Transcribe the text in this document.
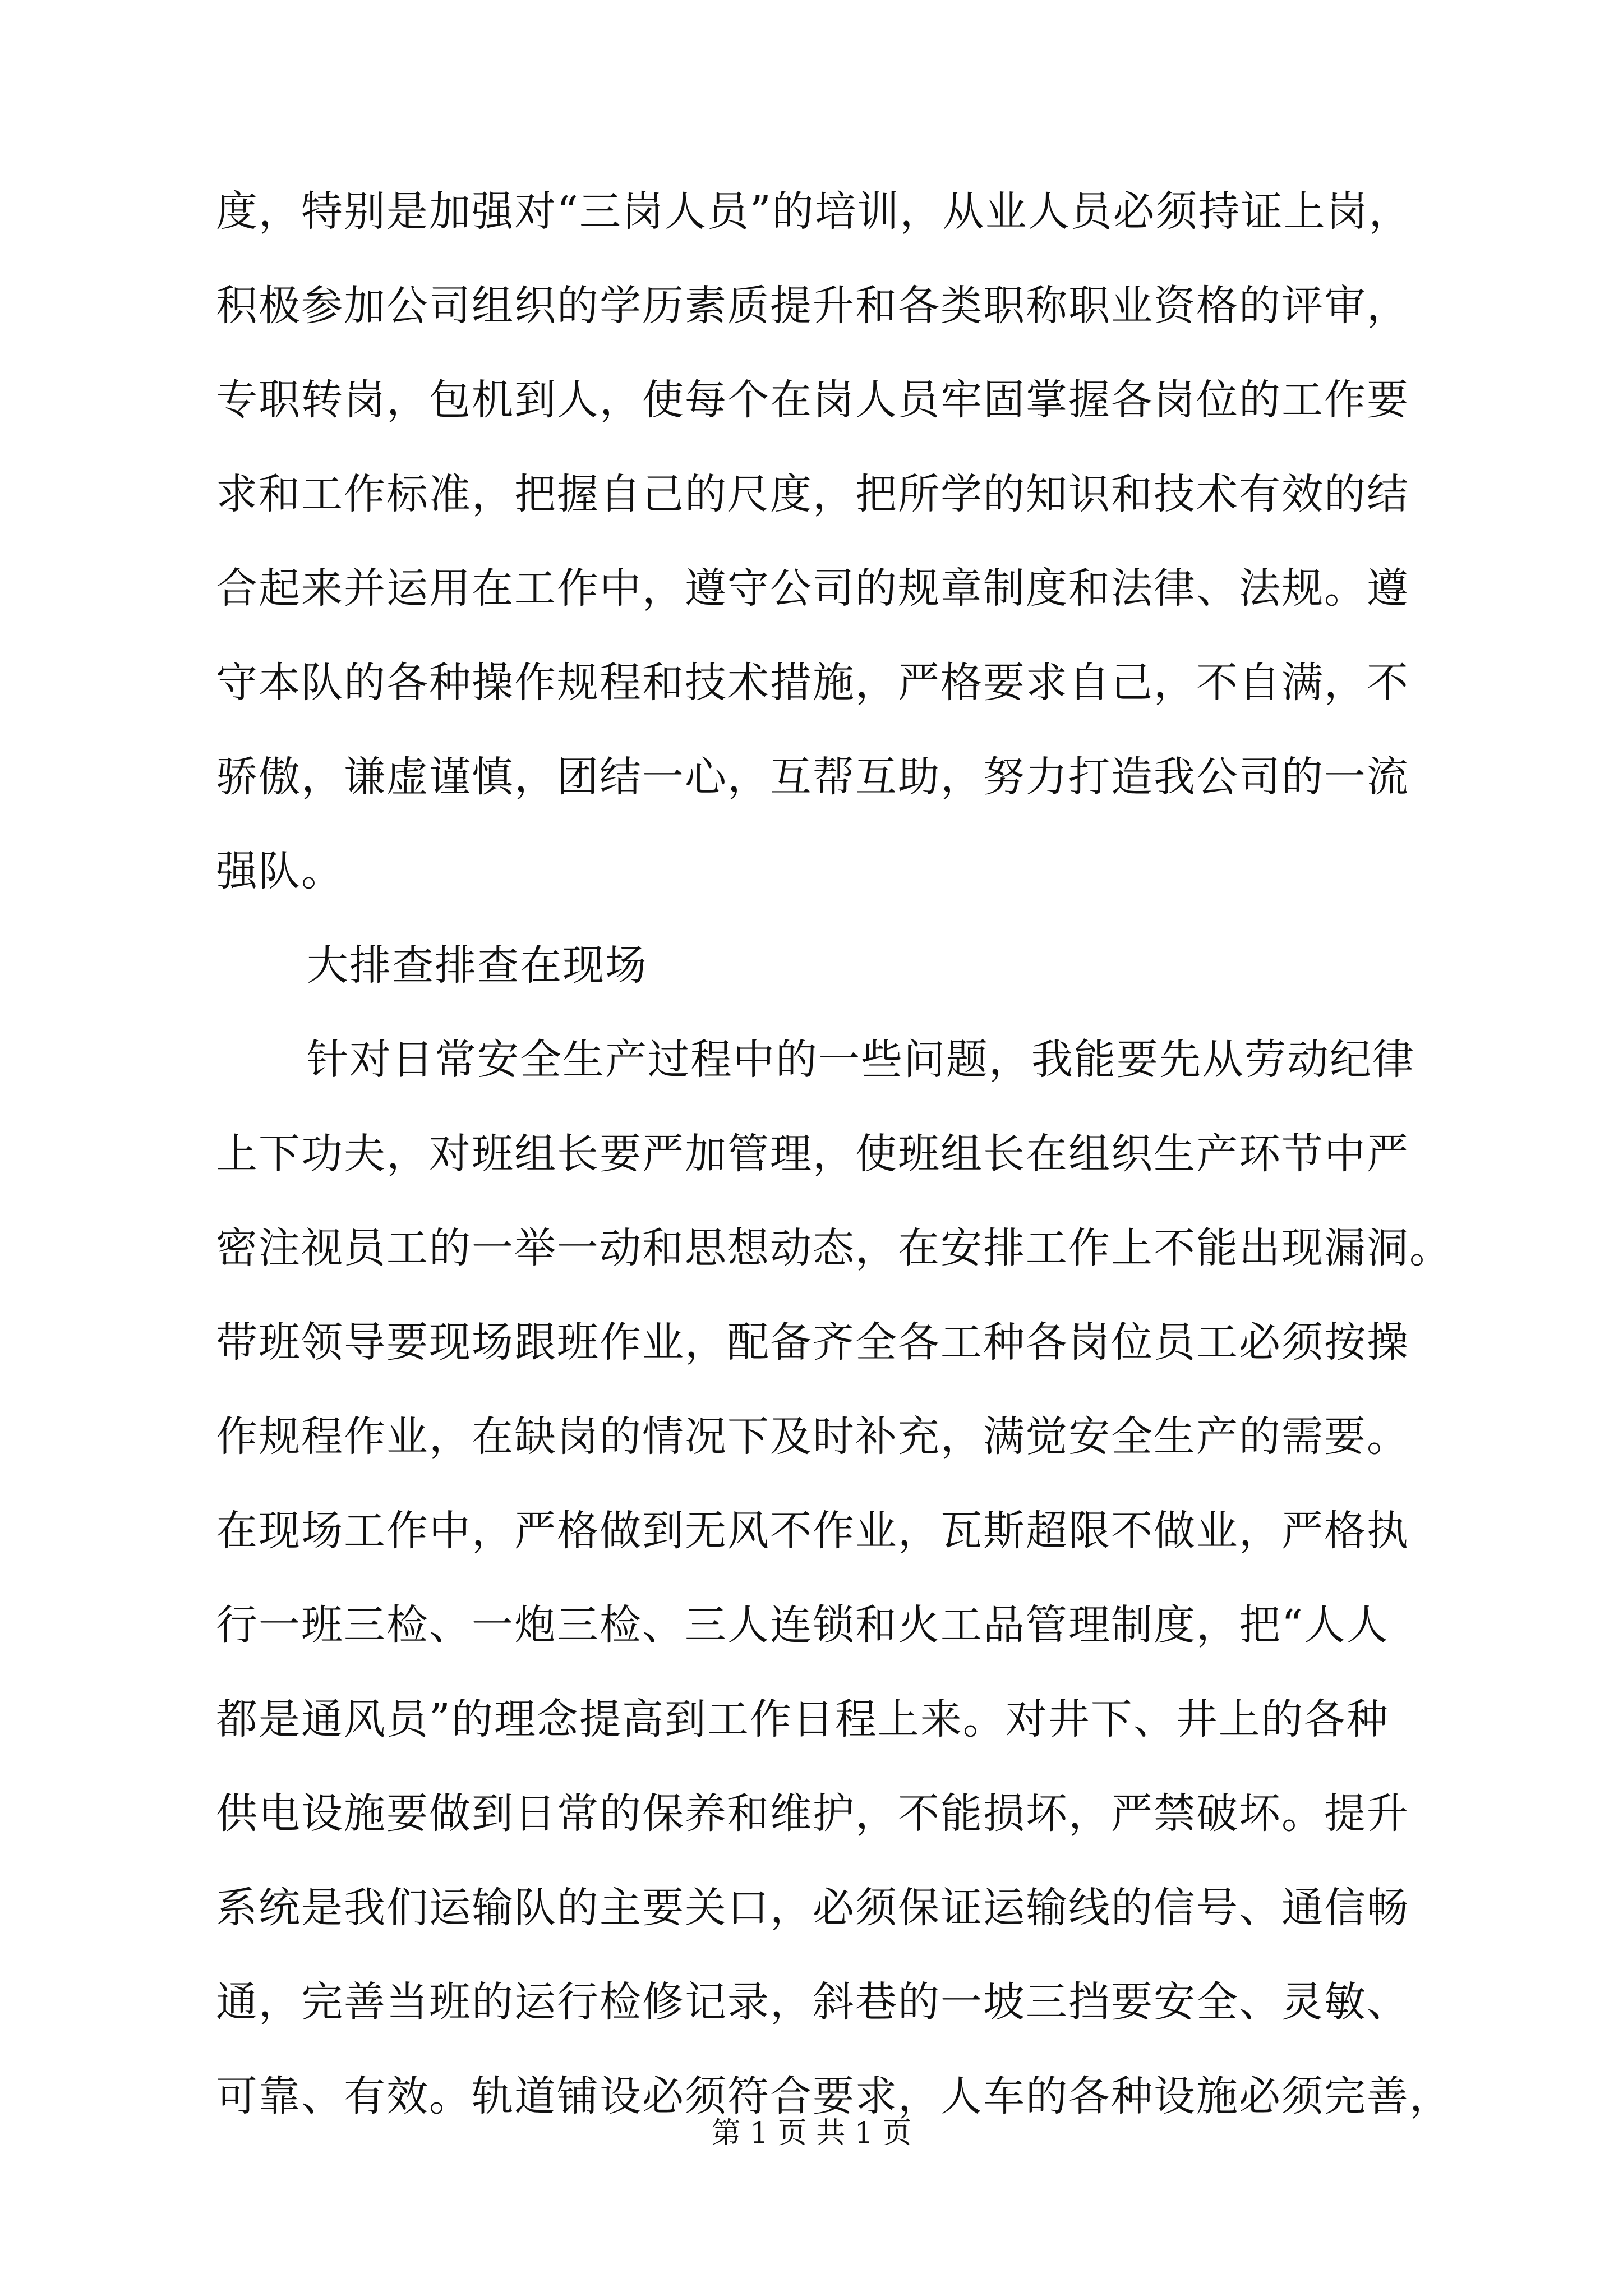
度，特别是加强对“三岗人员”的培训，从业人员必须持证上岗，
积极参加公司组织的学历素质提升和各类职称职业资格的评审，
专职转岗，包机到人，使每个在岗人员牢固掌握各岗位的工作要
求和工作标准，把握自己的尺度，把所学的知识和技术有效的结
合起来并运用在工作中，遵守公司的规章制度和法律、法规。遵
守本队的各种操作规程和技术措施，严格要求自己，不自满，不
骄傲，谦虚谨慎，团结一心，互帮互助，努力打造我公司的一流
强队。
大排查排查在现场
针对日常安全生产过程中的一些问题，我能要先从劳动纪律
上下功夫，对班组长要严加管理，使班组长在组织生产环节中严
密注视员工的一举一动和思想动态，在安排工作上不能出现漏洞。
带班领导要现场跟班作业，配备齐全各工种各岗位员工必须按操
作规程作业，在缺岗的情况下及时补充，满觉安全生产的需要。
在现场工作中，严格做到无风不作业，瓦斯超限不做业，严格执
行一班三检、一炮三检、三人连锁和火工品管理制度，把“人人
都是通风员”的理念提高到工作日程上来。对井下、井上的各种
供电设施要做到日常的保养和维护，不能损坏，严禁破坏。提升
系统是我们运输队的主要关口，必须保证运输线的信号、通信畅
通，完善当班的运行检修记录，斜巷的一坡三挡要安全、灵敏、
可靠、有效。轨道铺设必须符合要求，人车的各种设施必须完善，
第 1 页 共 1 页
